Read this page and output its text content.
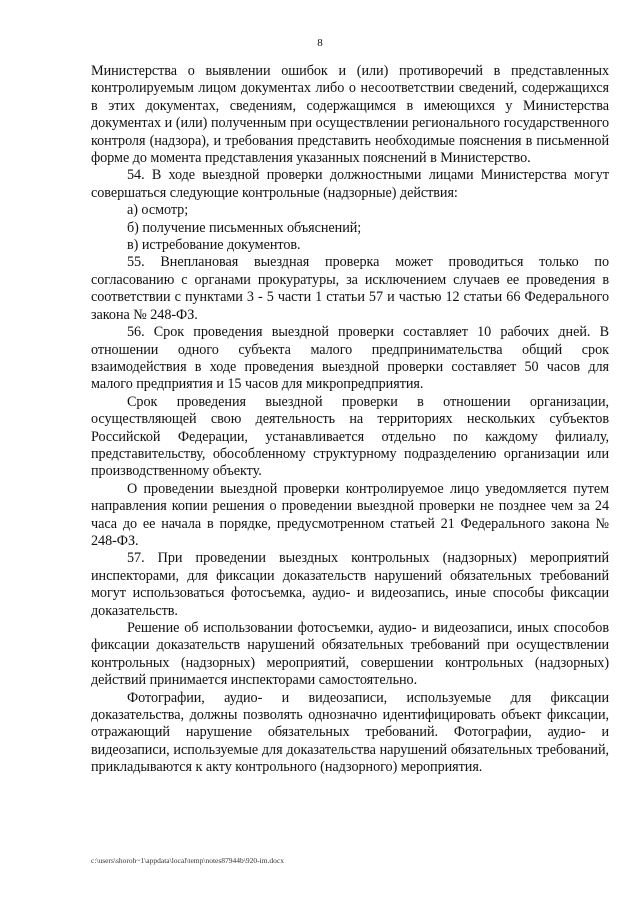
8

Министерства о выявлении ошибок и (или) противоречий в представленных контролируемым лицом документах либо о несоответствии сведений, содержащихся в этих документах, сведениям, содержащимся в имеющихся у Министерства документах и (или) полученным при осуществлении регионального государственного контроля (надзора), и требования представить необходимые пояснения в письменной форме до момента представления указанных пояснений в Министерство.

54. В ходе выездной проверки должностными лицами Министерства могут совершаться следующие контрольные (надзорные) действия:

а) осмотр;

б) получение письменных объяснений;

в) истребование документов.

55. Внеплановая выездная проверка может проводиться только по согласованию с органами прокуратуры, за исключением случаев ее проведения в соответствии с пунктами 3 - 5 части 1 статьи 57 и частью 12 статьи 66 Федерального закона № 248-ФЗ.

56. Срок проведения выездной проверки составляет 10 рабочих дней. В отношении одного субъекта малого предпринимательства общий срок взаимодействия в ходе проведения выездной проверки составляет 50 часов для малого предприятия и 15 часов для микропредприятия.

Срок проведения выездной проверки в отношении организации, осуществляющей свою деятельность на территориях нескольких субъектов Российской Федерации, устанавливается отдельно по каждому филиалу, представительству, обособленному структурному подразделению организации или производственному объекту.

О проведении выездной проверки контролируемое лицо уведомляется путем направления копии решения о проведении выездной проверки не позднее чем за 24 часа до ее начала в порядке, предусмотренном статьей 21 Федерального закона № 248-ФЗ.

57. При проведении выездных контрольных (надзорных) мероприятий инспекторами, для фиксации доказательств нарушений обязательных требований могут использоваться фотосъемка, аудио- и видеозапись, иные способы фиксации доказательств.

Решение об использовании фотосъемки, аудио- и видеозаписи, иных способов фиксации доказательств нарушений обязательных требований при осуществлении контрольных (надзорных) мероприятий, совершении контрольных (надзорных) действий принимается инспекторами самостоятельно.

Фотографии, аудио- и видеозаписи, используемые для фиксации доказательства, должны позволять однозначно идентифицировать объект фиксации, отражающий нарушение обязательных требований. Фотографии, аудио- и видеозаписи, используемые для доказательства нарушений обязательных требований, прикладываются к акту контрольного (надзорного) мероприятия.

c:\users\shoroh~1\appdata\local\temp\notes87944b\920-im.docx
